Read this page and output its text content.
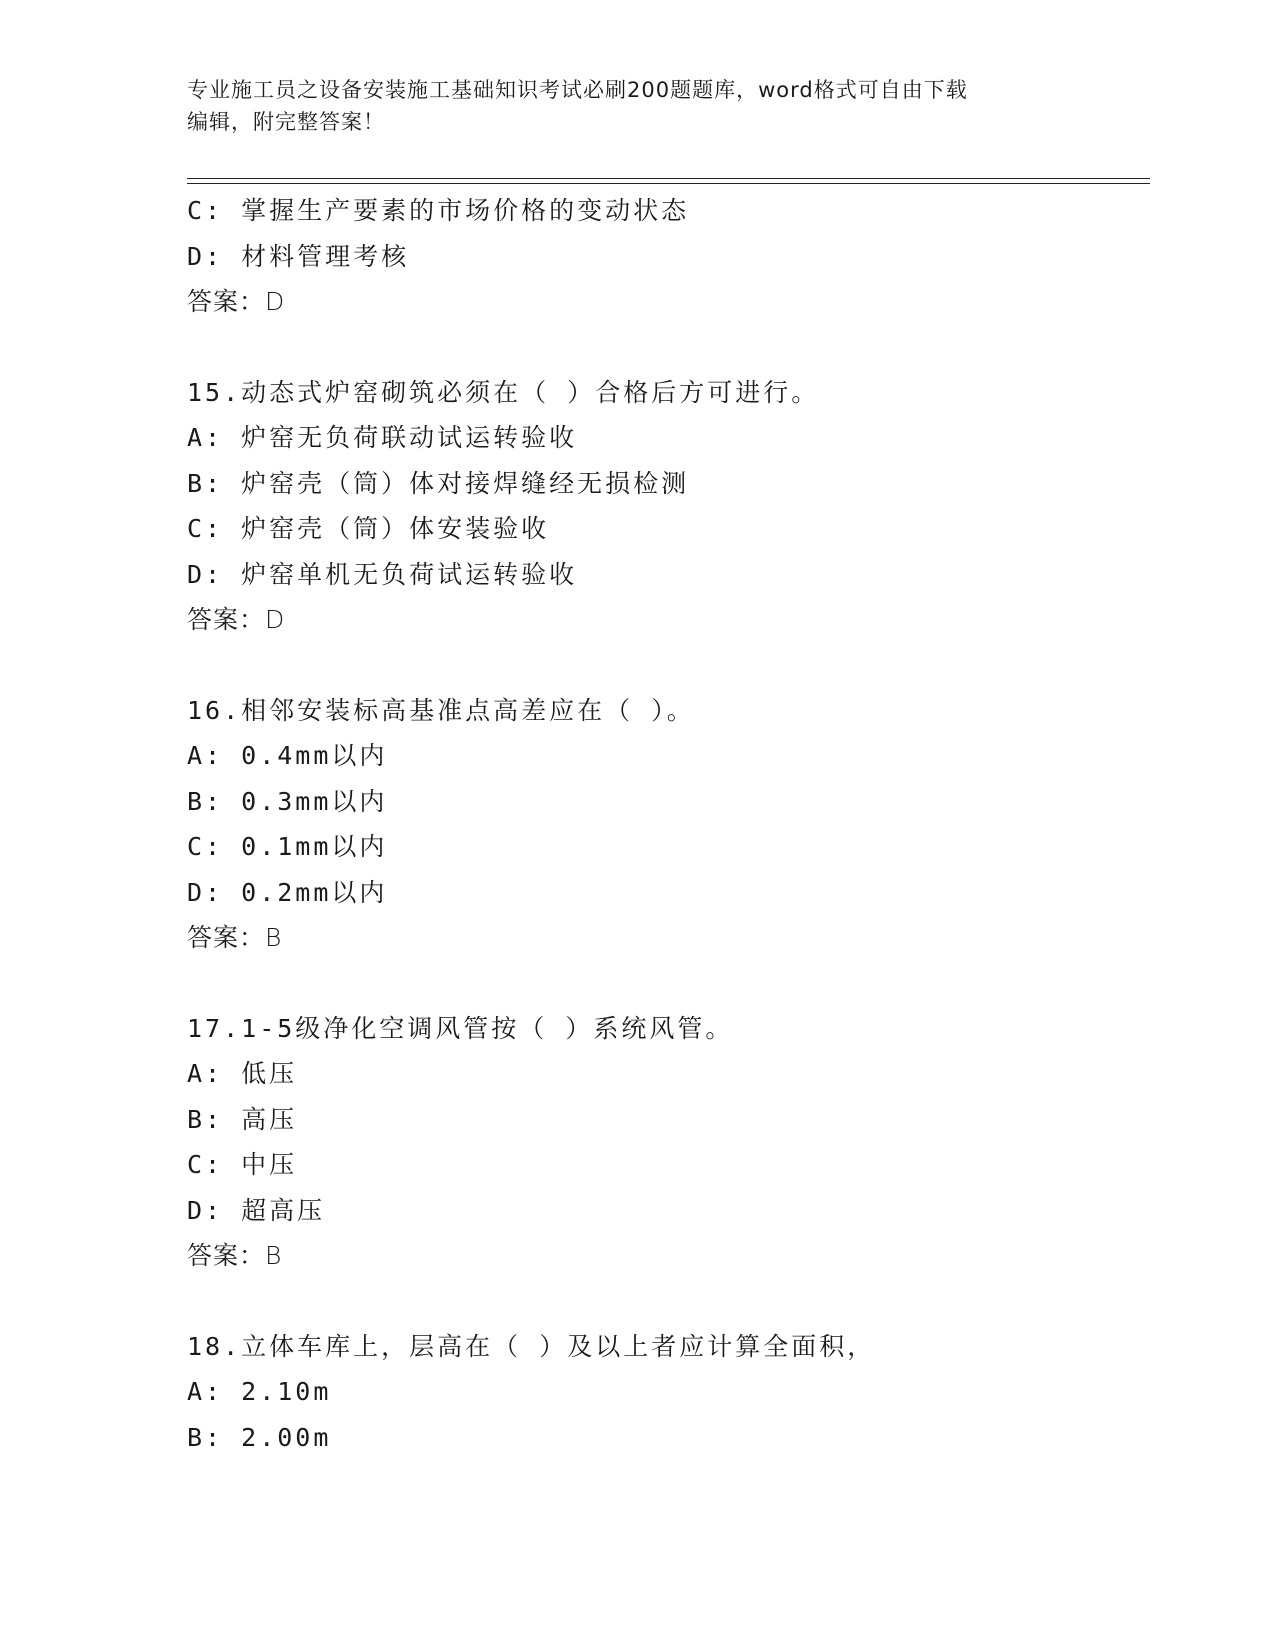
专业施工员之设备安装施工基础知识考试必刷200题题库，word格式可自由下载
编辑，附完整答案！
C: 掌握生产要素的市场价格的变动状态
D: 材料管理考核
答案：D
15.动态式炉窑砌筑必须在（ ）合格后方可进行。
A: 炉窑无负荷联动试运转验收
B: 炉窑壳（筒）体对接焊缝经无损检测
C: 炉窑壳（筒）体安装验收
D: 炉窑单机无负荷试运转验收
答案：D
16.相邻安装标高基准点高差应在（ ）。
A: 0.4mm以内
B: 0.3mm以内
C: 0.1mm以内
D: 0.2mm以内
答案：B
17.1-5级净化空调风管按（ ）系统风管。
A: 低压
B: 高压
C: 中压
D: 超高压
答案：B
18.立体车库上，层高在（ ）及以上者应计算全面积，
A: 2.10m
B: 2.00m
